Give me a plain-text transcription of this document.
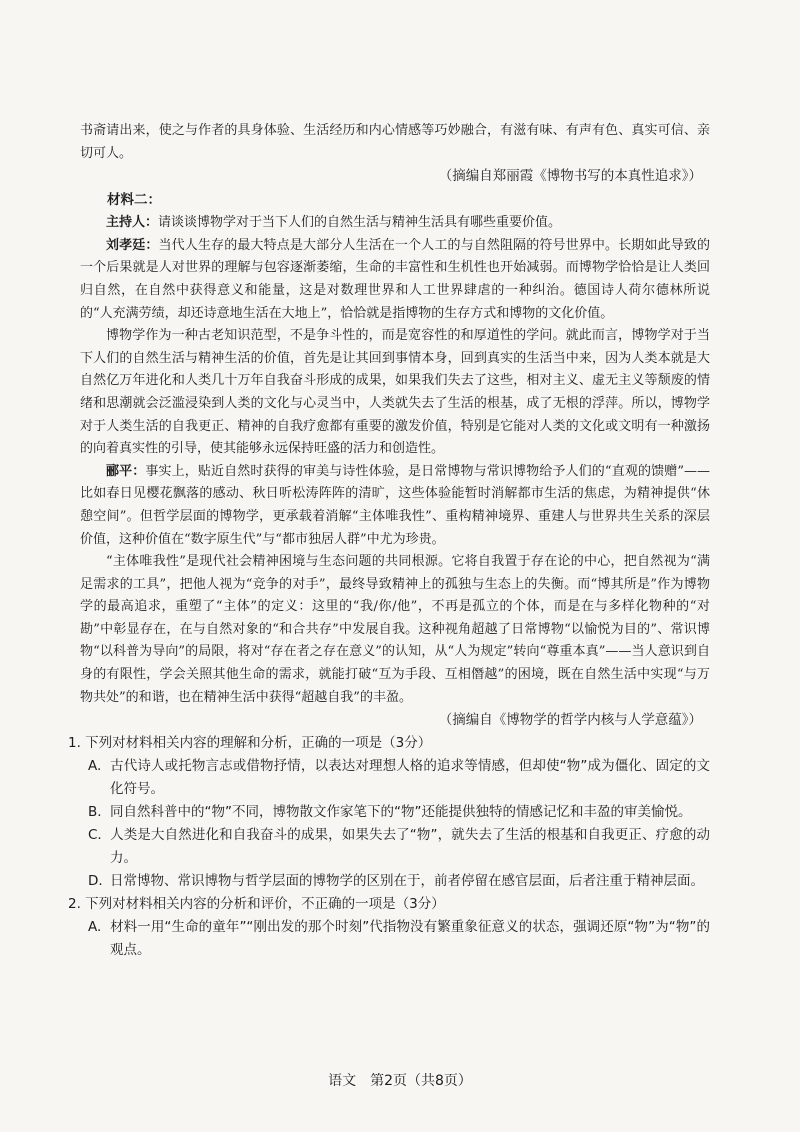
书斋请出来，使之与作者的具身体验、生活经历和内心情感等巧妙融合，有滋有味、有声有色、真实可信、亲切可人。

（摘编自郑丽霞《博物书写的本真性追求》）

材料二：

主持人：请谈谈博物学对于当下人们的自然生活与精神生活具有哪些重要价值。

刘孝廷：当代人生存的最大特点是大部分人生活在一个人工的与自然阻隔的符号世界中。长期如此导致的一个后果就是人对世界的理解与包容逐渐萎缩，生命的丰富性和生机性也开始减弱。而博物学恰恰是让人类回归自然，在自然中获得意义和能量，这是对数理世界和人工世界肆虐的一种纠治。德国诗人荷尔德林所说的“人充满劳绩，却还诗意地生活在大地上”，恰恰就是指博物的生存方式和博物的文化价值。

博物学作为一种古老知识范型，不是争斗性的，而是宽容性的和厚道性的学问。就此而言，博物学对于当下人们的自然生活与精神生活的价值，首先是让其回到事情本身，回到真实的生活当中来，因为人类本就是大自然亿万年进化和人类几十万年自我奋斗形成的成果，如果我们失去了这些，相对主义、虚无主义等颓废的情绪和思潮就会泛滥浸染到人类的文化与心灵当中，人类就失去了生活的根基，成了无根的浮萍。所以，博物学对于人类生活的自我更正、精神的自我疗愈都有重要的激发价值，特别是它能对人类的文化或文明有一种激扬的向着真实性的引导，使其能够永远保持旺盛的活力和创造性。

郦平：事实上，贴近自然时获得的审美与诗性体验，是日常博物与常识博物给予人们的“直观的馈赠”——比如春日见樱花飘落的感动、秋日听松涛阵阵的清旷，这些体验能暂时消解都市生活的焦虑，为精神提供“休憩空间”。但哲学层面的博物学，更承载着消解“主体唯我性”、重构精神境界、重建人与世界共生关系的深层价值，这种价值在“数字原生代”与“都市独居人群”中尤为珍贵。

“主体唯我性”是现代社会精神困境与生态问题的共同根源。它将自我置于存在论的中心，把自然视为“满足需求的工具”，把他人视为“竞争的对手”，最终导致精神上的孤独与生态上的失衡。而“博其所是”作为博物学的最高追求，重塑了“主体”的定义：这里的“我/你/他”，不再是孤立的个体，而是在与多样化物种的“对勘”中彰显存在，在与自然对象的“和合共存”中发展自我。这种视角超越了日常博物“以愉悦为目的”、常识博物“以科普为导向”的局限，将对“存在者之存在意义”的认知，从“人为规定”转向“尊重本真”——当人意识到自身的有限性，学会关照其他生命的需求，就能打破“互为手段、互相僭越”的困境，既在自然生活中实现“与万物共处”的和谐，也在精神生活中获得“超越自我”的丰盈。

（摘编自《博物学的哲学内核与人学意蕴》）

1. 下列对材料相关内容的理解和分析，正确的一项是（3分）

A. 古代诗人或托物言志或借物抒情，以表达对理想人格的追求等情感，但却使“物”成为僵化、固定的文化符号。

B. 同自然科普中的“物”不同，博物散文作家笔下的“物”还能提供独特的情感记忆和丰盈的审美愉悦。

C. 人类是大自然进化和自我奋斗的成果，如果失去了“物”，就失去了生活的根基和自我更正、疗愈的动力。

D. 日常博物、常识博物与哲学层面的博物学的区别在于，前者停留在感官层面，后者注重于精神层面。

2. 下列对材料相关内容的分析和评价，不正确的一项是（3分）

A. 材料一用“生命的童年”“刚出发的那个时刻”代指物没有繁重象征意义的状态，强调还原“物”为“物”的观点。

语文　第2页（共8页）
